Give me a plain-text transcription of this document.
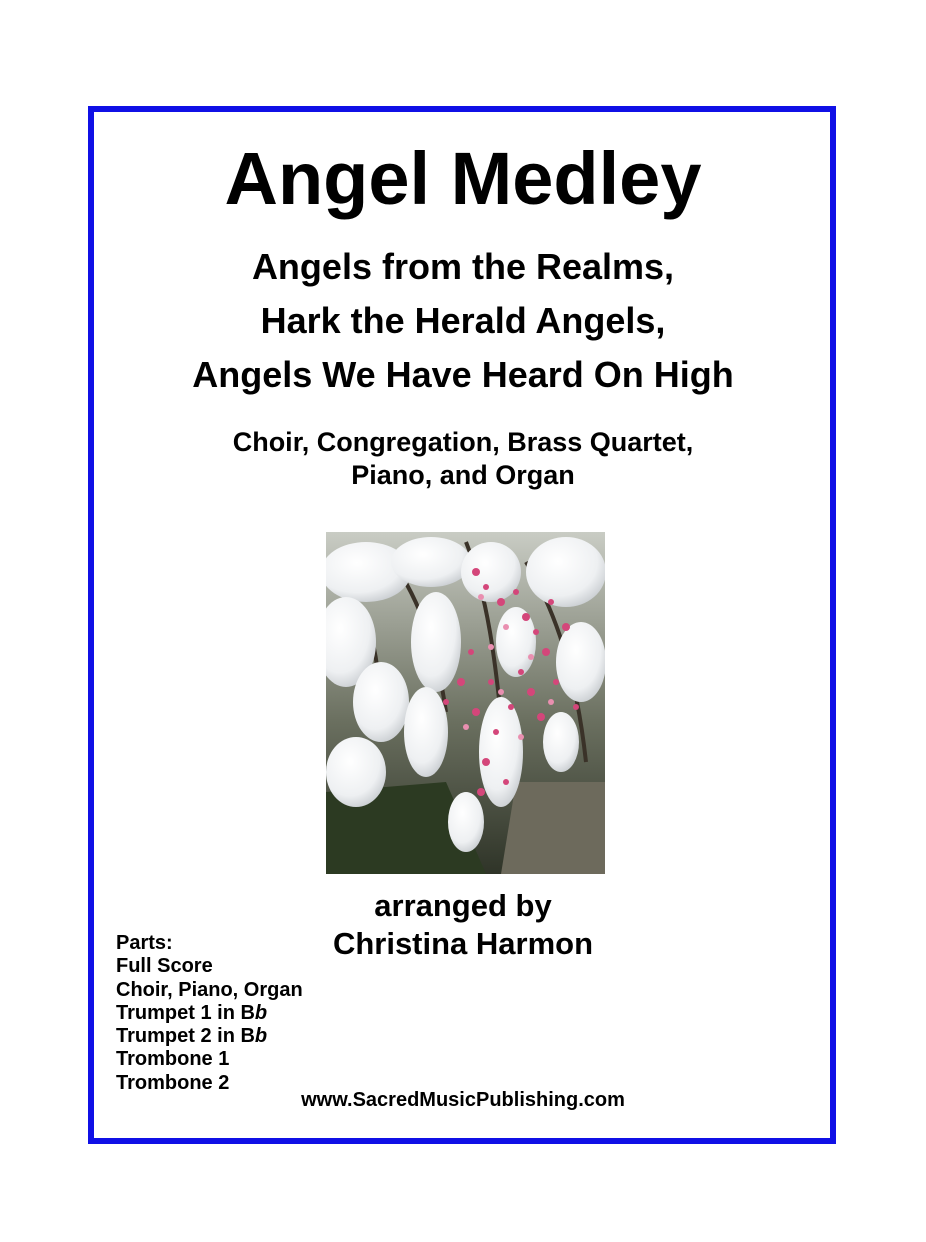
Angel Medley
Angels from the Realms,
Hark the Herald Angels,
Angels We Have Heard On High
Choir, Congregation, Brass Quartet,
Piano, and Organ
arranged by
Christina Harmon
Parts:
Full Score
Choir, Piano, Organ
Trumpet 1 in Bb
Trumpet 2 in Bb
Trombone 1
Trombone 2
www.SacredMusicPublishing.com
